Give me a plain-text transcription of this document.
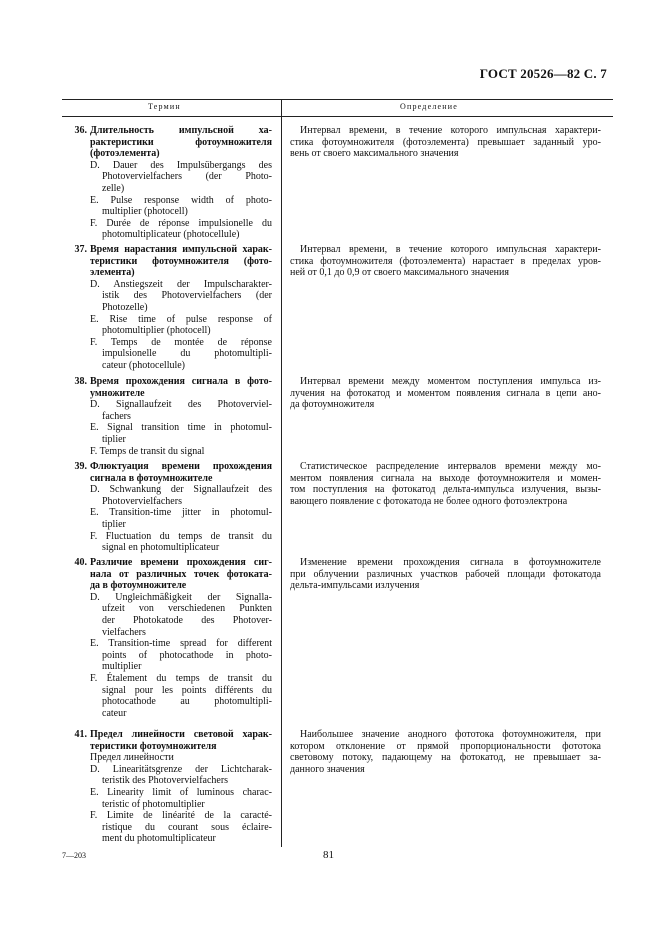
ГОСТ 20526—82 С. 7
Термин	Определение
36. Длительность импульсной ха-
рактеристики фотоумножителя
(фотоэлемента)
D. Dauer des Impulsübergangs des
Photovervielfachers (der Photo-
zelle)
E. Pulse response width of photo-
multiplier (photocell)
F. Durée de réponse impulsionelle du
photomultiplicateur (photocellule)
Интервал времени, в течение которого импульсная характери-
стика фотоумножителя (фотоэлемента) превышает заданный уро-
вень от своего максимального значения
37. Время нарастания импульсной харак-
теристики фотоумножителя (фото-
элемента)
D. Anstiegszeit der Impulscharakter-
istik des Photovervielfachers (der
Photozelle)
E. Rise time of pulse response of
photomultiplier (photocell)
F. Temps de montée de réponse
impulsionelle du photomultipli-
cateur (photocellule)
Интервал времени, в течение которого импульсная характери-
стика фотоумножителя (фотоэлемента) нарастает в пределах уров-
ней от 0,1 до 0,9 от своего максимального значения
38. Время прохождения сигнала в фото-
умножителе
D. Signallaufzeit des Photoverviel-
fachers
E. Signal transition time in photomul-
tiplier
F. Temps de transit du signal
Интервал времени между моментом поступления импульса из-
лучения на фотокатод и моментом появления сигнала в цепи ано-
да фотоумножителя
39. Флюктуация времени прохождения
сигнала в фотоумножителе
D. Schwankung der Signallaufzeit des
Photovervielfachers
E. Transition-time jitter in photomul-
tiplier
F. Fluctuation du temps de transit du
signal en photomultiplicateur
Статистическое распределение интервалов времени между мо-
ментом появления сигнала на выходе фотоумножителя и момен-
том поступления на фотокатод дельта-импульса излучения, вызы-
вающего появление с фотокатода не более одного фотоэлектрона
40. Различие времени прохождения сиг-
нала от различных точек фотоката-
да в фотоумножителе
D. Ungleichmäßigkeit der Signalla-
ufzeit von verschiedenen Punkten
der Photokatode des Photover-
vielfachers
E. Transition-time spread for different
points of photocathode in photo-
multiplier
F. Étalement du temps de transit du
signal pour les points différents du
photocathode au photomultipli-
cateur
Изменение времени прохождения сигнала в фотоумножителе
при облучении различных участков рабочей площади фотокатода
дельта-импульсами излучения
41. Предел линейности световой харак-
теристики фотоумножителя
Предел линейности
D. Linearitätsgrenze der Lichtcharak-
teristik des Photovervielfachers
E. Linearity limit of luminous charac-
teristic of photomultiplier
F. Limite de linéarité de la caracté-
ristique du courant sous éclaire-
ment du photomultiplicateur
Наибольшее значение анодного фототока фотоумножителя, при
котором отклонение от прямой пропорциональности фототока
световому потоку, падающему на фотокатод, не превышает за-
данного значения
7—203	81
